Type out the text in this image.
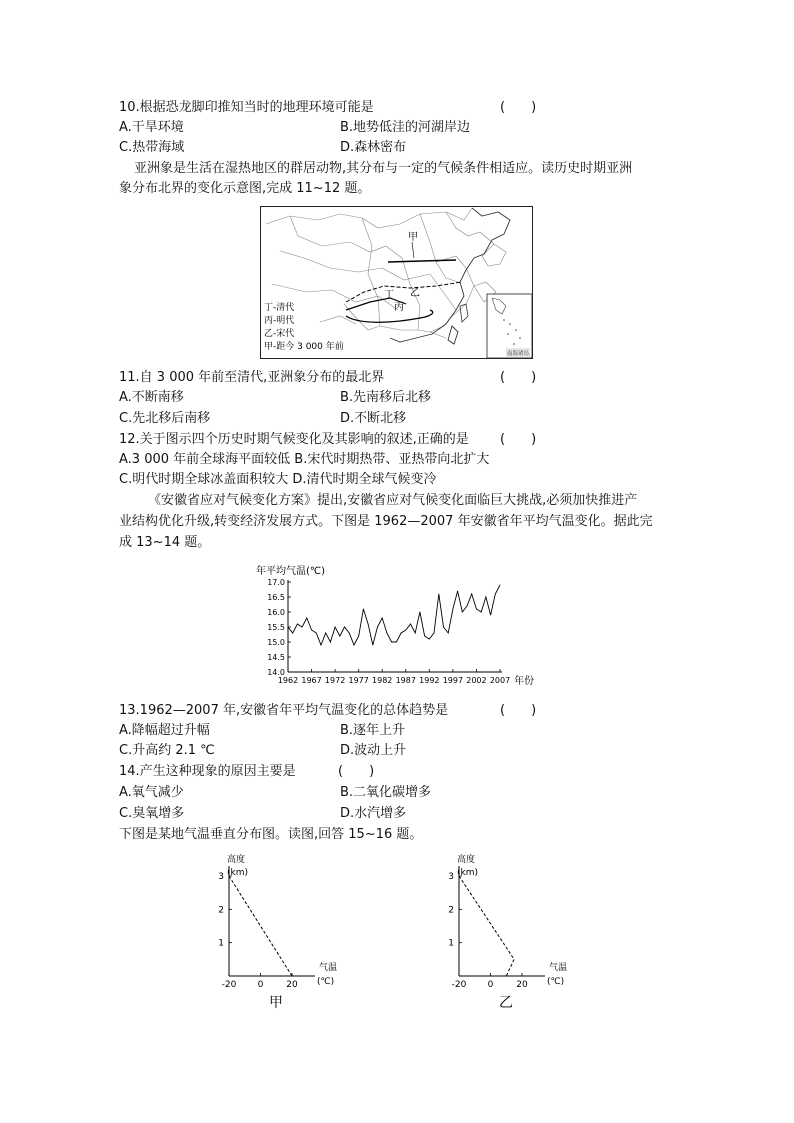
10.根据恐龙脚印推知当时的地理环境可能是	(　　)
A.干旱环境	B.地势低洼的河湖岸边
C.热带海域	D.森林密布
亚洲象是生活在湿热地区的群居动物,其分布与一定的气候条件相适应。读历史时期亚洲
象分布北界的变化示意图,完成 11~12 题。
甲
乙
丙
丁
丁-清代
丙-明代
乙-宋代
甲-距今 3 000 年前
南海诸岛
11.自 3 000 年前至清代,亚洲象分布的最北界	(　　)
A.不断南移	B.先南移后北移
C.先北移后南移	D.不断北移
12.关于图示四个历史时期气候变化及其影响的叙述,正确的是 (　　)
A.3 000 年前全球海平面较低 B.宋代时期热带、亚热带向北扩大
C.明代时期全球冰盖面积较大 D.清代时期全球气候变冷
《安徽省应对气候变化方案》提出,安徽省应对气候变化面临巨大挑战,必须加快推进产
业结构优化升级,转变经济发展方式。下图是 1962—2007 年安徽省年平均气温变化。据此完
成 13~14 题。
年平均气温(℃)
年份
17.0
16.5
16.0
15.5
15.0
14.5
14.0
1962 1967 1972 1977 1982 1987 1992 1997 2002 2007
13.1962—2007 年,安徽省年平均气温变化的总体趋势是	(　　)
A.降幅超过升幅	B.逐年上升
C.升高约 2.1 ℃	D.波动上升
14.产生这种现象的原因主要是	(　　)
A.氧气减少	B.二氧化碳增多
C.臭氧增多	D.水汽增多
下图是某地气温垂直分布图。读图,回答 15~16 题。
高度
(km)
气温
(℃)
1
2
3
-20 0	20
甲
高度
(km)
气温
(℃)
1
2
3
-20 0	20
乙
